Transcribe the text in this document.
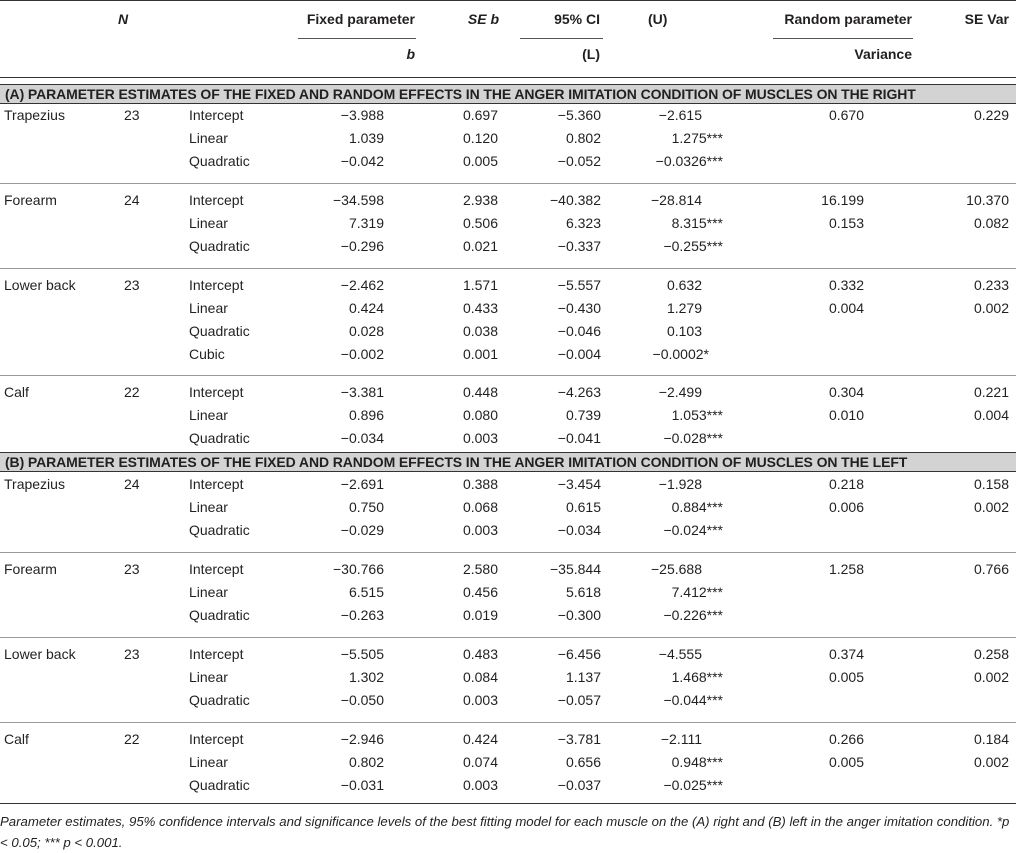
N	Fixed parameter	SE b	95% CI	(U)	Random parameter	SE Var
b	(L)	Variance
(A) PARAMETER ESTIMATES OF THE FIXED AND RANDOM EFFECTS IN THE ANGER IMITATION CONDITION OF MUSCLES ON THE RIGHT
Trapezius	23	Intercept	−3.988	0.697	−5.360	−2.615	0.670	0.229
Linear	1.039	0.120	0.802	1.275***
Quadratic	−0.042	0.005	−0.052	−0.0326***
Forearm	24	Intercept	−34.598	2.938	−40.382	−28.814	16.199	10.370
Linear	7.319	0.506	6.323	8.315***	0.153	0.082
Quadratic	−0.296	0.021	−0.337	−0.255***
Lower back	23	Intercept	−2.462	1.571	−5.557	0.632	0.332	0.233
Linear	0.424	0.433	−0.430	1.279	0.004	0.002
Quadratic	0.028	0.038	−0.046	0.103
Cubic	−0.002	0.001	−0.004	−0.0002*
Calf	22	Intercept	−3.381	0.448	−4.263	−2.499	0.304	0.221
Linear	0.896	0.080	0.739	1.053***	0.010	0.004
Quadratic	−0.034	0.003	−0.041	−0.028***
(B) PARAMETER ESTIMATES OF THE FIXED AND RANDOM EFFECTS IN THE ANGER IMITATION CONDITION OF MUSCLES ON THE LEFT
Trapezius	24	Intercept	−2.691	0.388	−3.454	−1.928	0.218	0.158
Linear	0.750	0.068	0.615	0.884***	0.006	0.002
Quadratic	−0.029	0.003	−0.034	−0.024***
Forearm	23	Intercept	−30.766	2.580	−35.844	−25.688	1.258	0.766
Linear	6.515	0.456	5.618	7.412***
Quadratic	−0.263	0.019	−0.300	−0.226***
Lower back	23	Intercept	−5.505	0.483	−6.456	−4.555	0.374	0.258
Linear	1.302	0.084	1.137	1.468***	0.005	0.002
Quadratic	−0.050	0.003	−0.057	−0.044***
Calf	22	Intercept	−2.946	0.424	−3.781	−2.111	0.266	0.184
Linear	0.802	0.074	0.656	0.948***	0.005	0.002
Quadratic	−0.031	0.003	−0.037	−0.025***
Parameter estimates, 95% confidence intervals and significance levels of the best fitting model for each muscle on the (A) right and (B) left in the anger imitation condition. *p < 0.05; *** p < 0.001.
